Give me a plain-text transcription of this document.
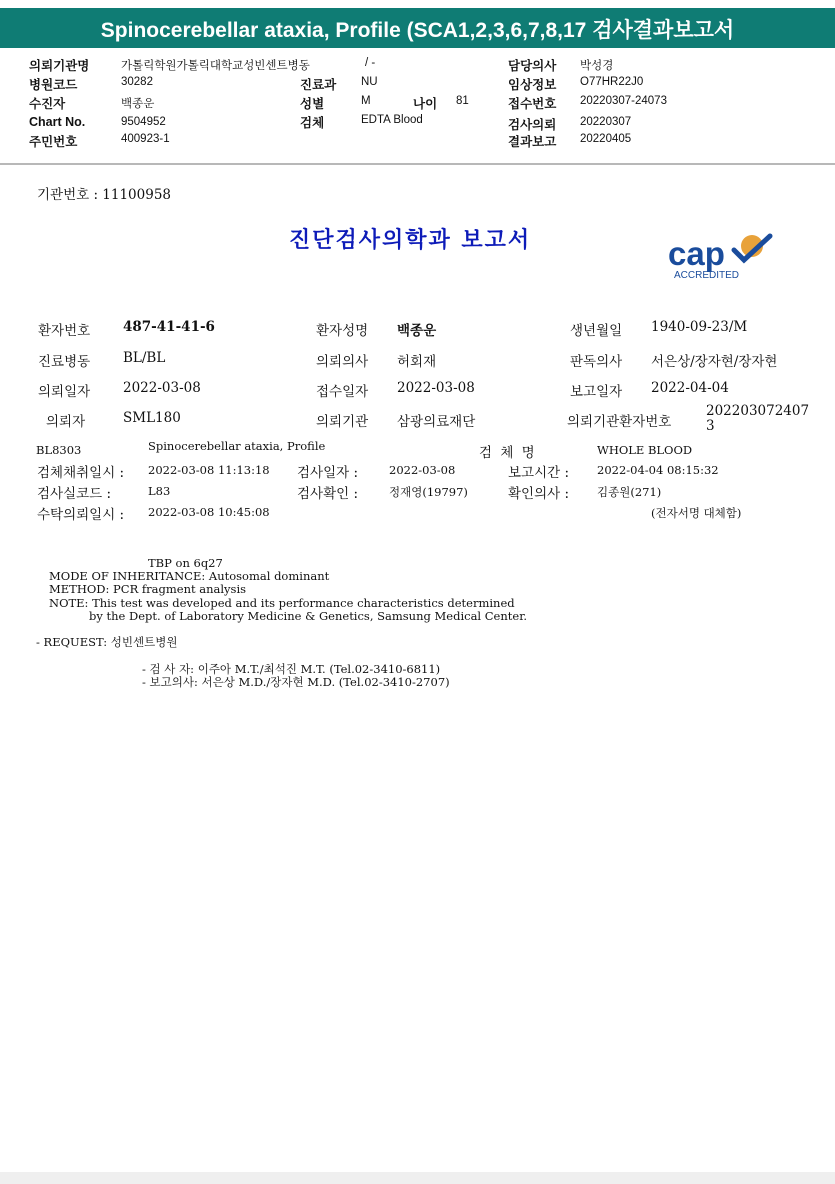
Spinocerebellar ataxia, Profile (SCA1,2,3,6,7,8,17 검사결과보고서
의뢰기관명	가톨릭학원가톨릭대학교성빈센트병동	/ -
병원코드	30282
수진자	백종운
Chart No.	9504952
주민번호	400923-1
진료과 NU
성별	M	나이 81
검체	EDTA Blood
담당의사 박성경
임상정보 O77HR22J0
접수번호 20220307-24073
검사의뢰 20220307
결과보고 20220405
기관번호 : 11100958
진단검사의학과 보고서	cap
ACCREDITED
환자번호 487-41-41-6	환자성명 백종운	생년월일 1940-09-23/M
진료병동 BL/BL	의뢰의사 허회재	판독의사 서은상/장자현/장자현
의뢰일자 2022-03-08	접수일자 2022-03-08	보고일자 2022-04-04
의뢰자	SML180	의뢰기관 삼광의료재단	의뢰기관환자번호
202203072407
3
BL8303	Spinocerebellar ataxia, Profile	검 체 명	WHOLE BLOOD
검체채취일시 : 2022-03-08 11:13:18 검사일자 :	2022-03-08	보고시간 : 2022-04-04 08:15:32
검사실코드 :	L83	검사확인 :	정재영(19797)	확인의사 : 김종원(271)
수탁의뢰일시 : 2022-03-08 10:45:08	(전자서명 대체함)
TBP on 6q27
MODE OF INHERITANCE: Autosomal dominant
METHOD: PCR fragment analysis
NOTE: This test was developed and its performance characteristics determined
by the Dept. of Laboratory Medicine & Genetics, Samsung Medical Center.
- REQUEST: 성빈센트병원
- 검 사 자: 이주아 M.T./최석진 M.T. (Tel.02-3410-6811)
- 보고의사: 서은상 M.D./장자현 M.D. (Tel.02-3410-2707)
